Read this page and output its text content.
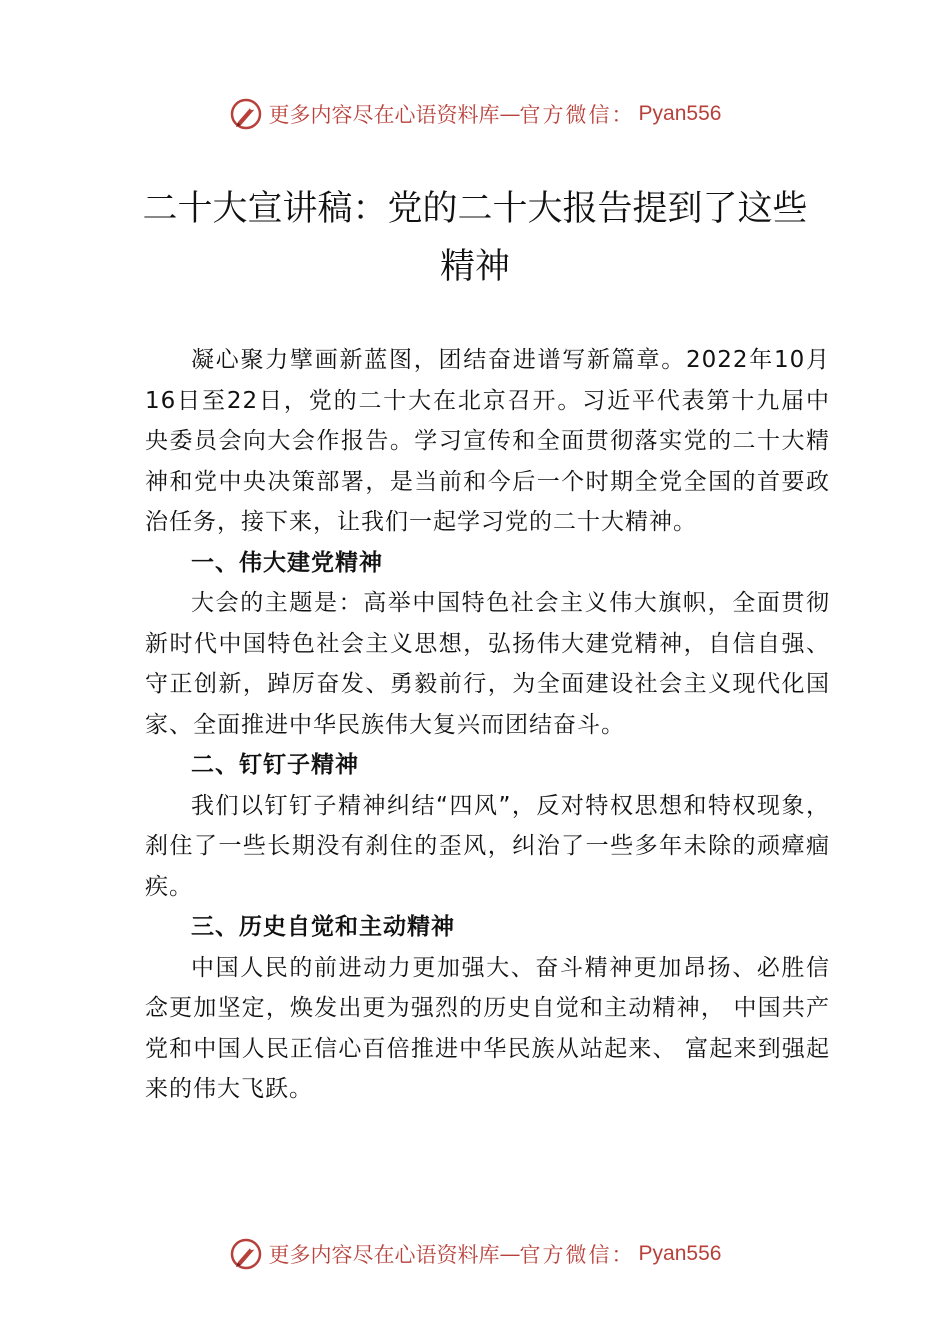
更多内容尽在心语资料库 — 官方微信： Pyan556
二十大宣讲稿：党的二十大报告提到了这些精神

凝心聚力擘画新蓝图，团结奋进谱写新篇章。2022年10月16日至22日，党的二十大在北京召开。习近平代表第十九届中央委员会向大会作报告。学习宣传和全面贯彻落实党的二十大精神和党中央决策部署，是当前和今后一个时期全党全国的首要政治任务，接下来，让我们一起学习党的二十大精神。

一、伟大建党精神

大会的主题是：高举中国特色社会主义伟大旗帜，全面贯彻新时代中国特色社会主义思想，弘扬伟大建党精神，自信自强、守正创新，踔厉奋发、勇毅前行，为全面建设社会主义现代化国家、全面推进中华民族伟大复兴而团结奋斗。

二、钉钉子精神

我们以钉钉子精神纠结“四风”，反对特权思想和特权现象，刹住了一些长期没有刹住的歪风，纠治了一些多年未除的顽瘴痼疾。

三、历史自觉和主动精神

中国人民的前进动力更加强大、奋斗精神更加昂扬、必胜信念更加坚定，焕发出更为强烈的历史自觉和主动精神， 中国共产党和中国人民正信心百倍推进中华民族从站起来、 富起来到强起来的伟大飞跃。

更多内容尽在心语资料库 — 官方微信： Pyan556
